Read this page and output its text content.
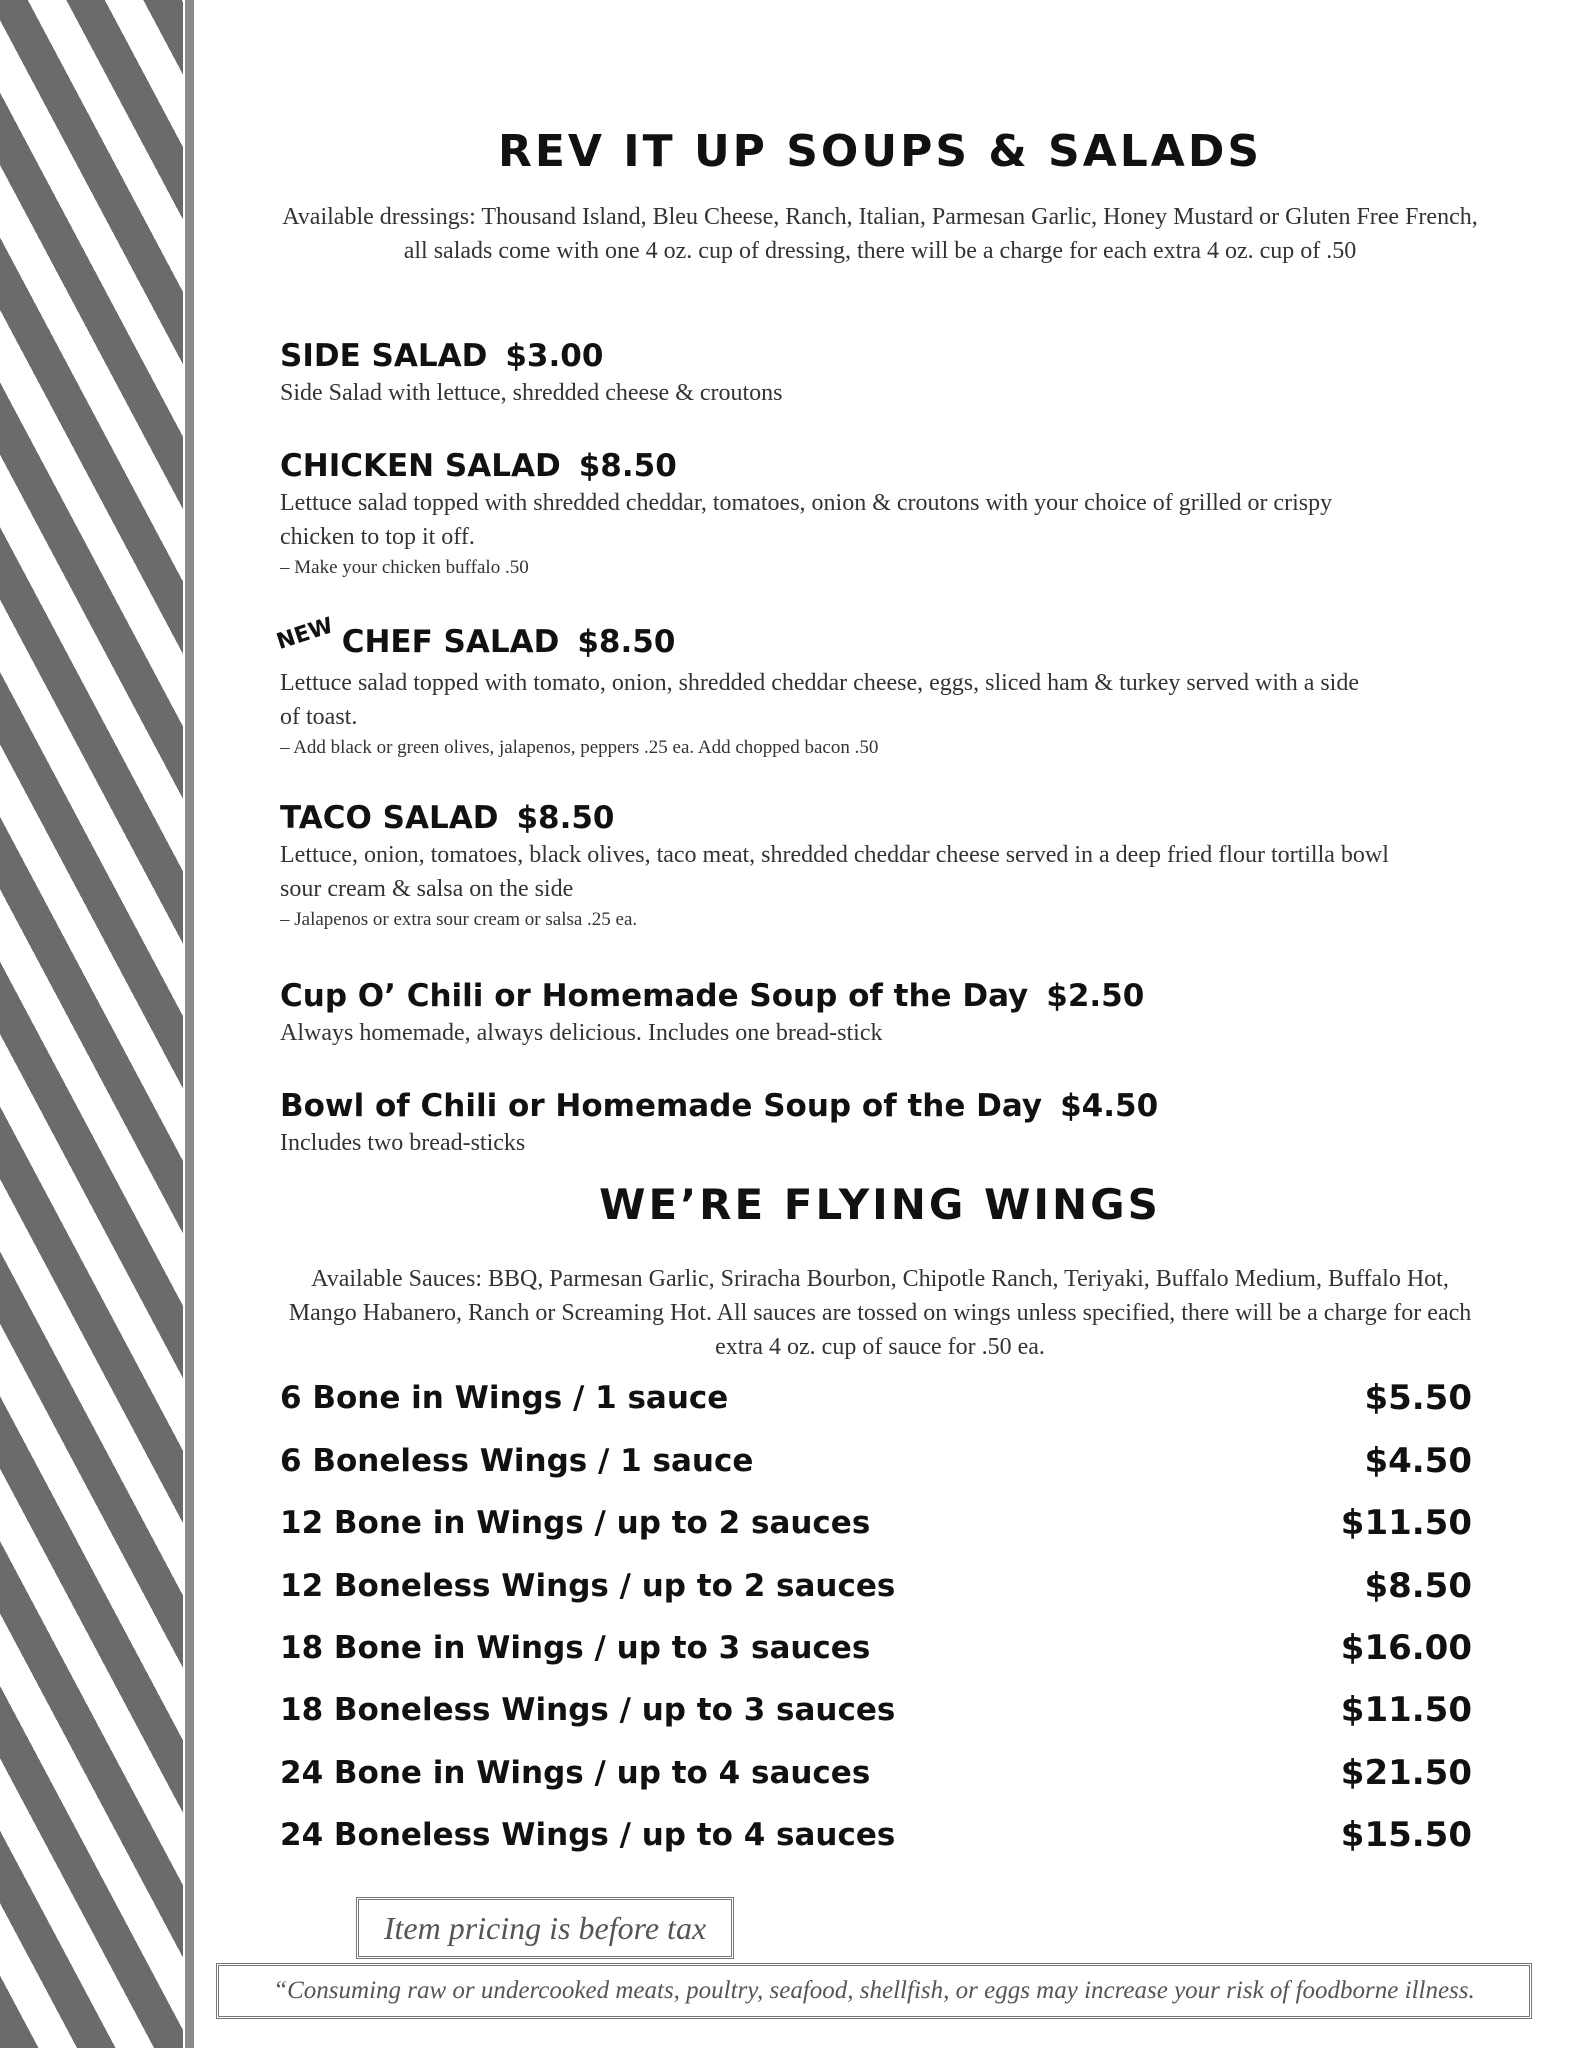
REV IT UP SOUPS & SALADS
Available dressings: Thousand Island, Bleu Cheese, Ranch, Italian, Parmesan Garlic, Honey Mustard or Gluten Free French, all salads come with one 4 oz. cup of dressing, there will be a charge for each extra 4 oz. cup of .50
SIDE SALAD $3.00
Side Salad with lettuce, shredded cheese & croutons
CHICKEN SALAD $8.50
Lettuce salad topped with shredded cheddar, tomatoes, onion & croutons with your choice of grilled or crispy chicken to top it off.
– Make your chicken buffalo .50
NEW CHEF SALAD $8.50
Lettuce salad topped with tomato, onion, shredded cheddar cheese, eggs, sliced ham & turkey served with a side of toast.
– Add black or green olives, jalapenos, peppers .25 ea. Add chopped bacon .50
TACO SALAD $8.50
Lettuce, onion, tomatoes, black olives, taco meat, shredded cheddar cheese served in a deep fried flour tortilla bowl sour cream & salsa on the side
– Jalapenos or extra sour cream or salsa .25 ea.
Cup O’ Chili or Homemade Soup of the Day $2.50
Always homemade, always delicious. Includes one bread-stick
Bowl of Chili or Homemade Soup of the Day $4.50
Includes two bread-sticks
WE’RE FLYING WINGS
Available Sauces: BBQ, Parmesan Garlic, Sriracha Bourbon, Chipotle Ranch, Teriyaki, Buffalo Medium, Buffalo Hot, Mango Habanero, Ranch or Screaming Hot. All sauces are tossed on wings unless specified, there will be a charge for each extra 4 oz. cup of sauce for .50 ea.
6 Bone in Wings / 1 sauce	$5.50
6 Boneless Wings / 1 sauce	$4.50
12 Bone in Wings / up to 2 sauces	$11.50
12 Boneless Wings / up to 2 sauces	$8.50
18 Bone in Wings / up to 3 sauces	$16.00
18 Boneless Wings / up to 3 sauces	$11.50
24 Bone in Wings / up to 4 sauces	$21.50
24 Boneless Wings / up to 4 sauces	$15.50
Item pricing is before tax
“Consuming raw or undercooked meats, poultry, seafood, shellfish, or eggs may increase your risk of foodborne illness.
